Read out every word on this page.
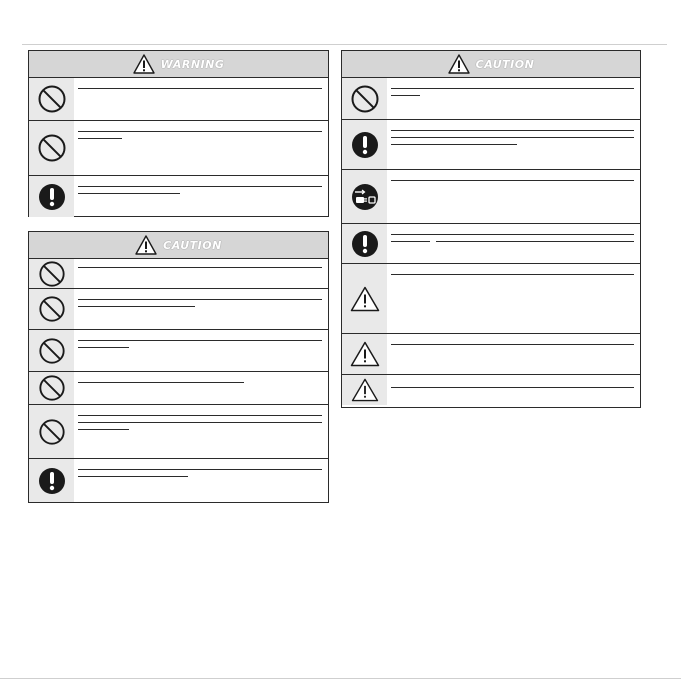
WARNING
CAUTION
CAUTION
